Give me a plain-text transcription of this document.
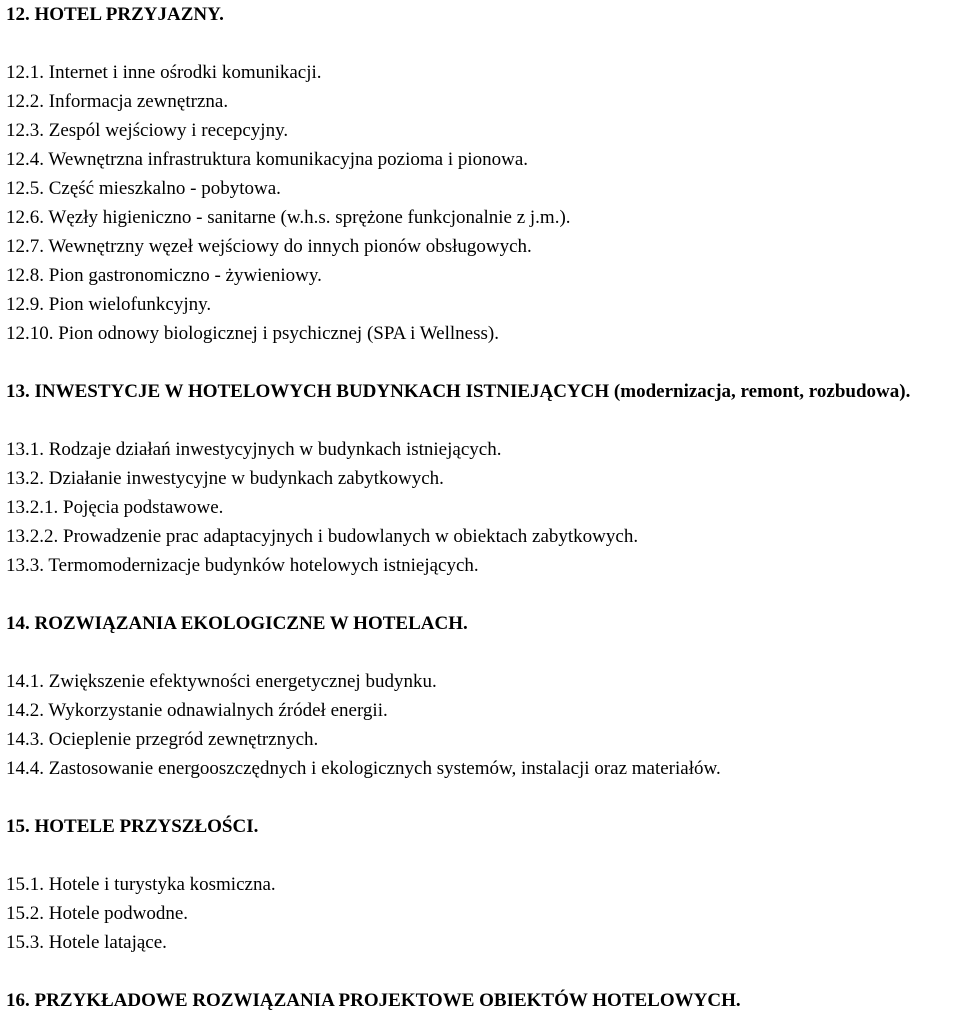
12. HOTEL PRZYJAZNY.

12.1. Internet i inne ośrodki komunikacji.

12.2. Informacja zewnętrzna.

12.3. Zespól wejściowy i recepcyjny.

12.4. Wewnętrzna infrastruktura komunikacyjna pozioma i pionowa.

12.5. Część mieszkalno - pobytowa.

12.6. Węzły higieniczno - sanitarne (w.h.s. sprężone funkcjonalnie z j.m.).

12.7. Wewnętrzny węzeł wejściowy do innych pionów obsługowych.

12.8. Pion gastronomiczno - żywieniowy.

12.9. Pion wielofunkcyjny.

12.10. Pion odnowy biologicznej i psychicznej (SPA i Wellness).

13. INWESTYCJE W HOTELOWYCH BUDYNKACH ISTNIEJĄCYCH (modernizacja, remont, rozbudowa).

13.1. Rodzaje działań inwestycyjnych w budynkach istniejących.

13.2. Działanie inwestycyjne w budynkach zabytkowych.

13.2.1. Pojęcia podstawowe.

13.2.2. Prowadzenie prac adaptacyjnych i budowlanych w obiektach zabytkowych.

13.3. Termomodernizacje budynków hotelowych istniejących.

14. ROZWIĄZANIA EKOLOGICZNE W HOTELACH.

14.1. Zwiększenie efektywności energetycznej budynku.

14.2. Wykorzystanie odnawialnych źródeł energii.

14.3. Ocieplenie przegród zewnętrznych.

14.4. Zastosowanie energooszczędnych i ekologicznych systemów, instalacji oraz materiałów.

15. HOTELE PRZYSZŁOŚCI.

15.1. Hotele i turystyka kosmiczna.

15.2. Hotele podwodne.

15.3. Hotele latające.

16. PRZYKŁADOWE ROZWIĄZANIA PROJEKTOWE OBIEKTÓW HOTELOWYCH.
